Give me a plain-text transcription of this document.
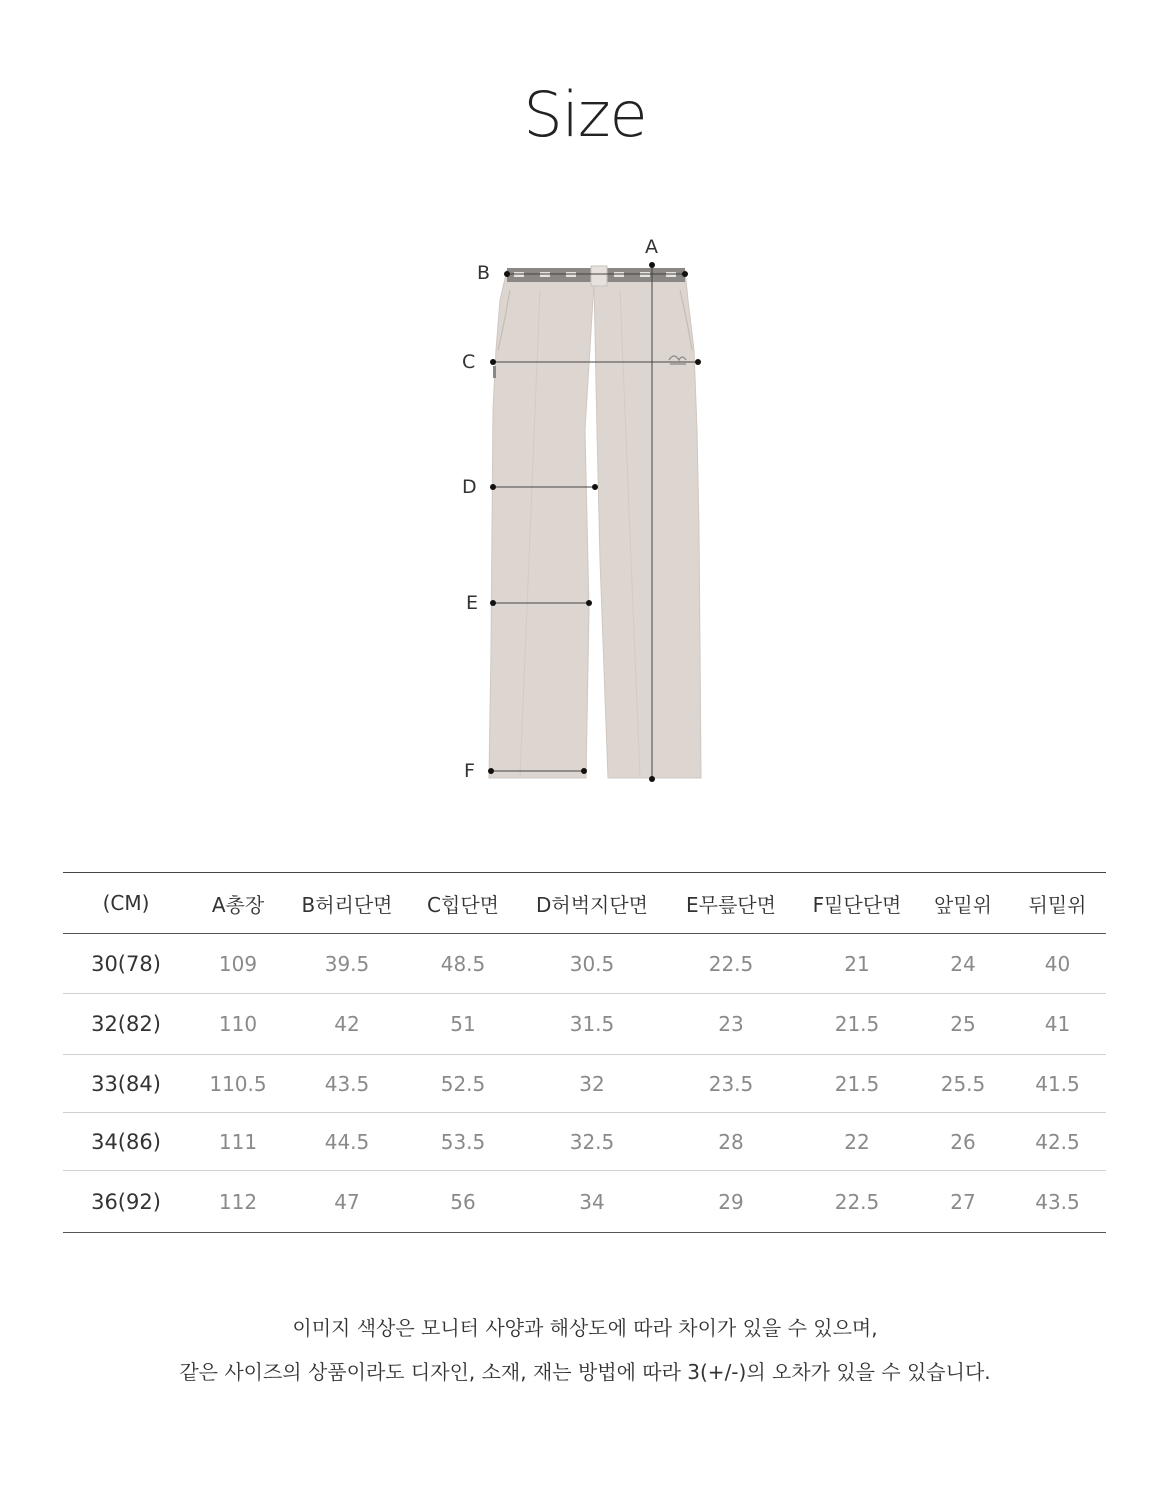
Size
A
B
C
D
E
F
(CM)	A총장	B허리단면	C힙단면	D허벅지단면	E무릎단면	F밑단단면	앞밑위	뒤밑위
30(78)	109	39.5	48.5	30.5	22.5	21	24	40
32(82)	110	42	51	31.5	23	21.5	25	41
33(84)	110.5	43.5	52.5	32	23.5	21.5	25.5	41.5
34(86)	111	44.5	53.5	32.5	28	22	26	42.5
36(92)	112	47	56	34	29	22.5	27	43.5

이미지 색상은 모니터 사양과 해상도에 따라 차이가 있을 수 있으며,

같은 사이즈의 상품이라도 디자인, 소재, 재는 방법에 따라 3(+/-)의 오차가 있을 수 있습니다.
